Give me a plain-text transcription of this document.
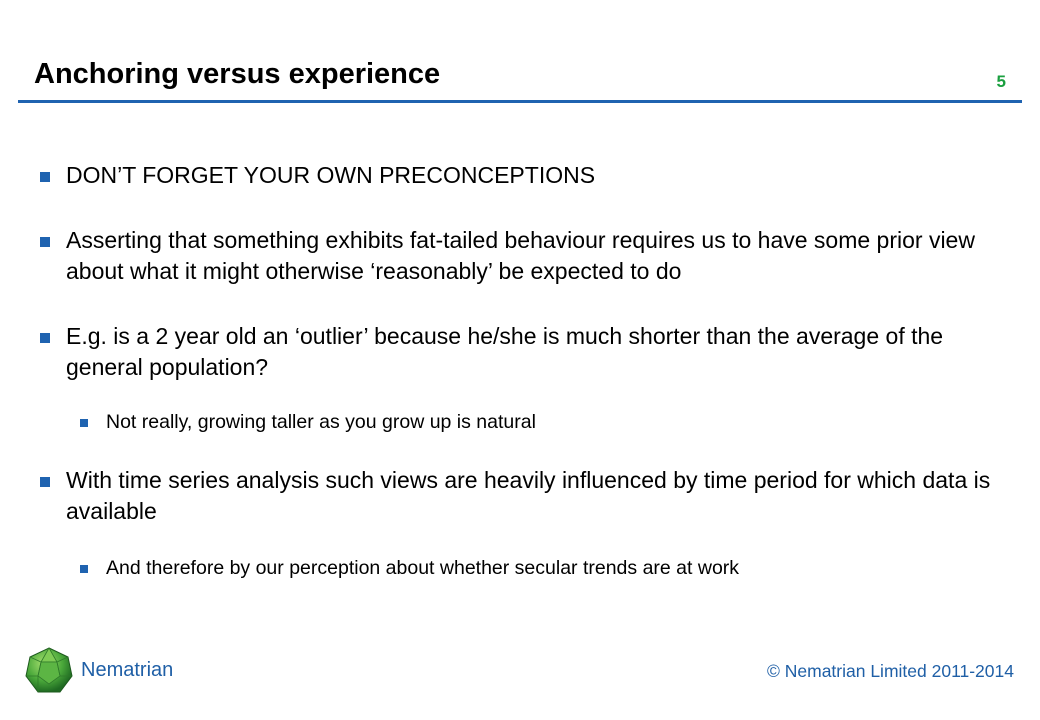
Anchoring versus experience	5
DON’T FORGET YOUR OWN PRECONCEPTIONS
Asserting that something exhibits fat-tailed behaviour requires us to have some prior view about what it might otherwise ‘reasonably’ be expected to do
E.g. is a 2 year old an ‘outlier’ because he/she is much shorter than the average of the general population?
Not really, growing taller as you grow up is natural
With time series analysis such views are heavily influenced by time period for which data is available
And therefore by our perception about whether secular trends are at work
Nematrian	© Nematrian Limited 2011-2014
